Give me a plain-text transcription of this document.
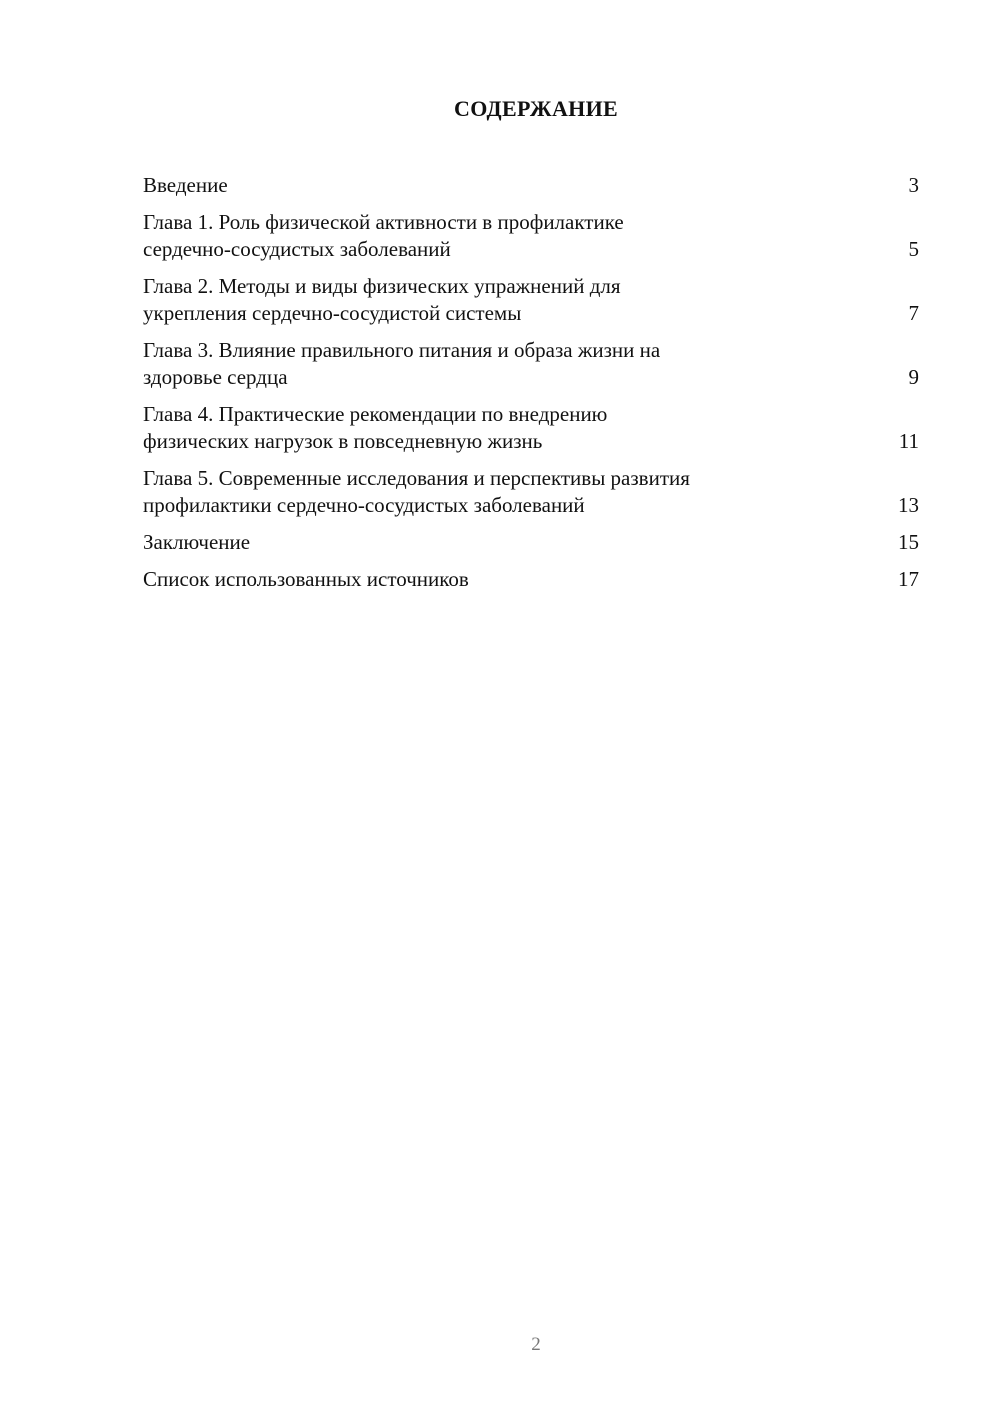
СОДЕРЖАНИЕ
Введение	3
Глава 1. Роль физической активности в профилактике
сердечно-сосудистых заболеваний	5
Глава 2. Методы и виды физических упражнений для
укрепления сердечно-сосудистой системы	7
Глава 3. Влияние правильного питания и образа жизни на
здоровье сердца	9
Глава 4. Практические рекомендации по внедрению
физических нагрузок в повседневную жизнь	11
Глава 5. Современные исследования и перспективы развития
профилактики сердечно-сосудистых заболеваний	13
Заключение	15
Список использованных источников	17
2
